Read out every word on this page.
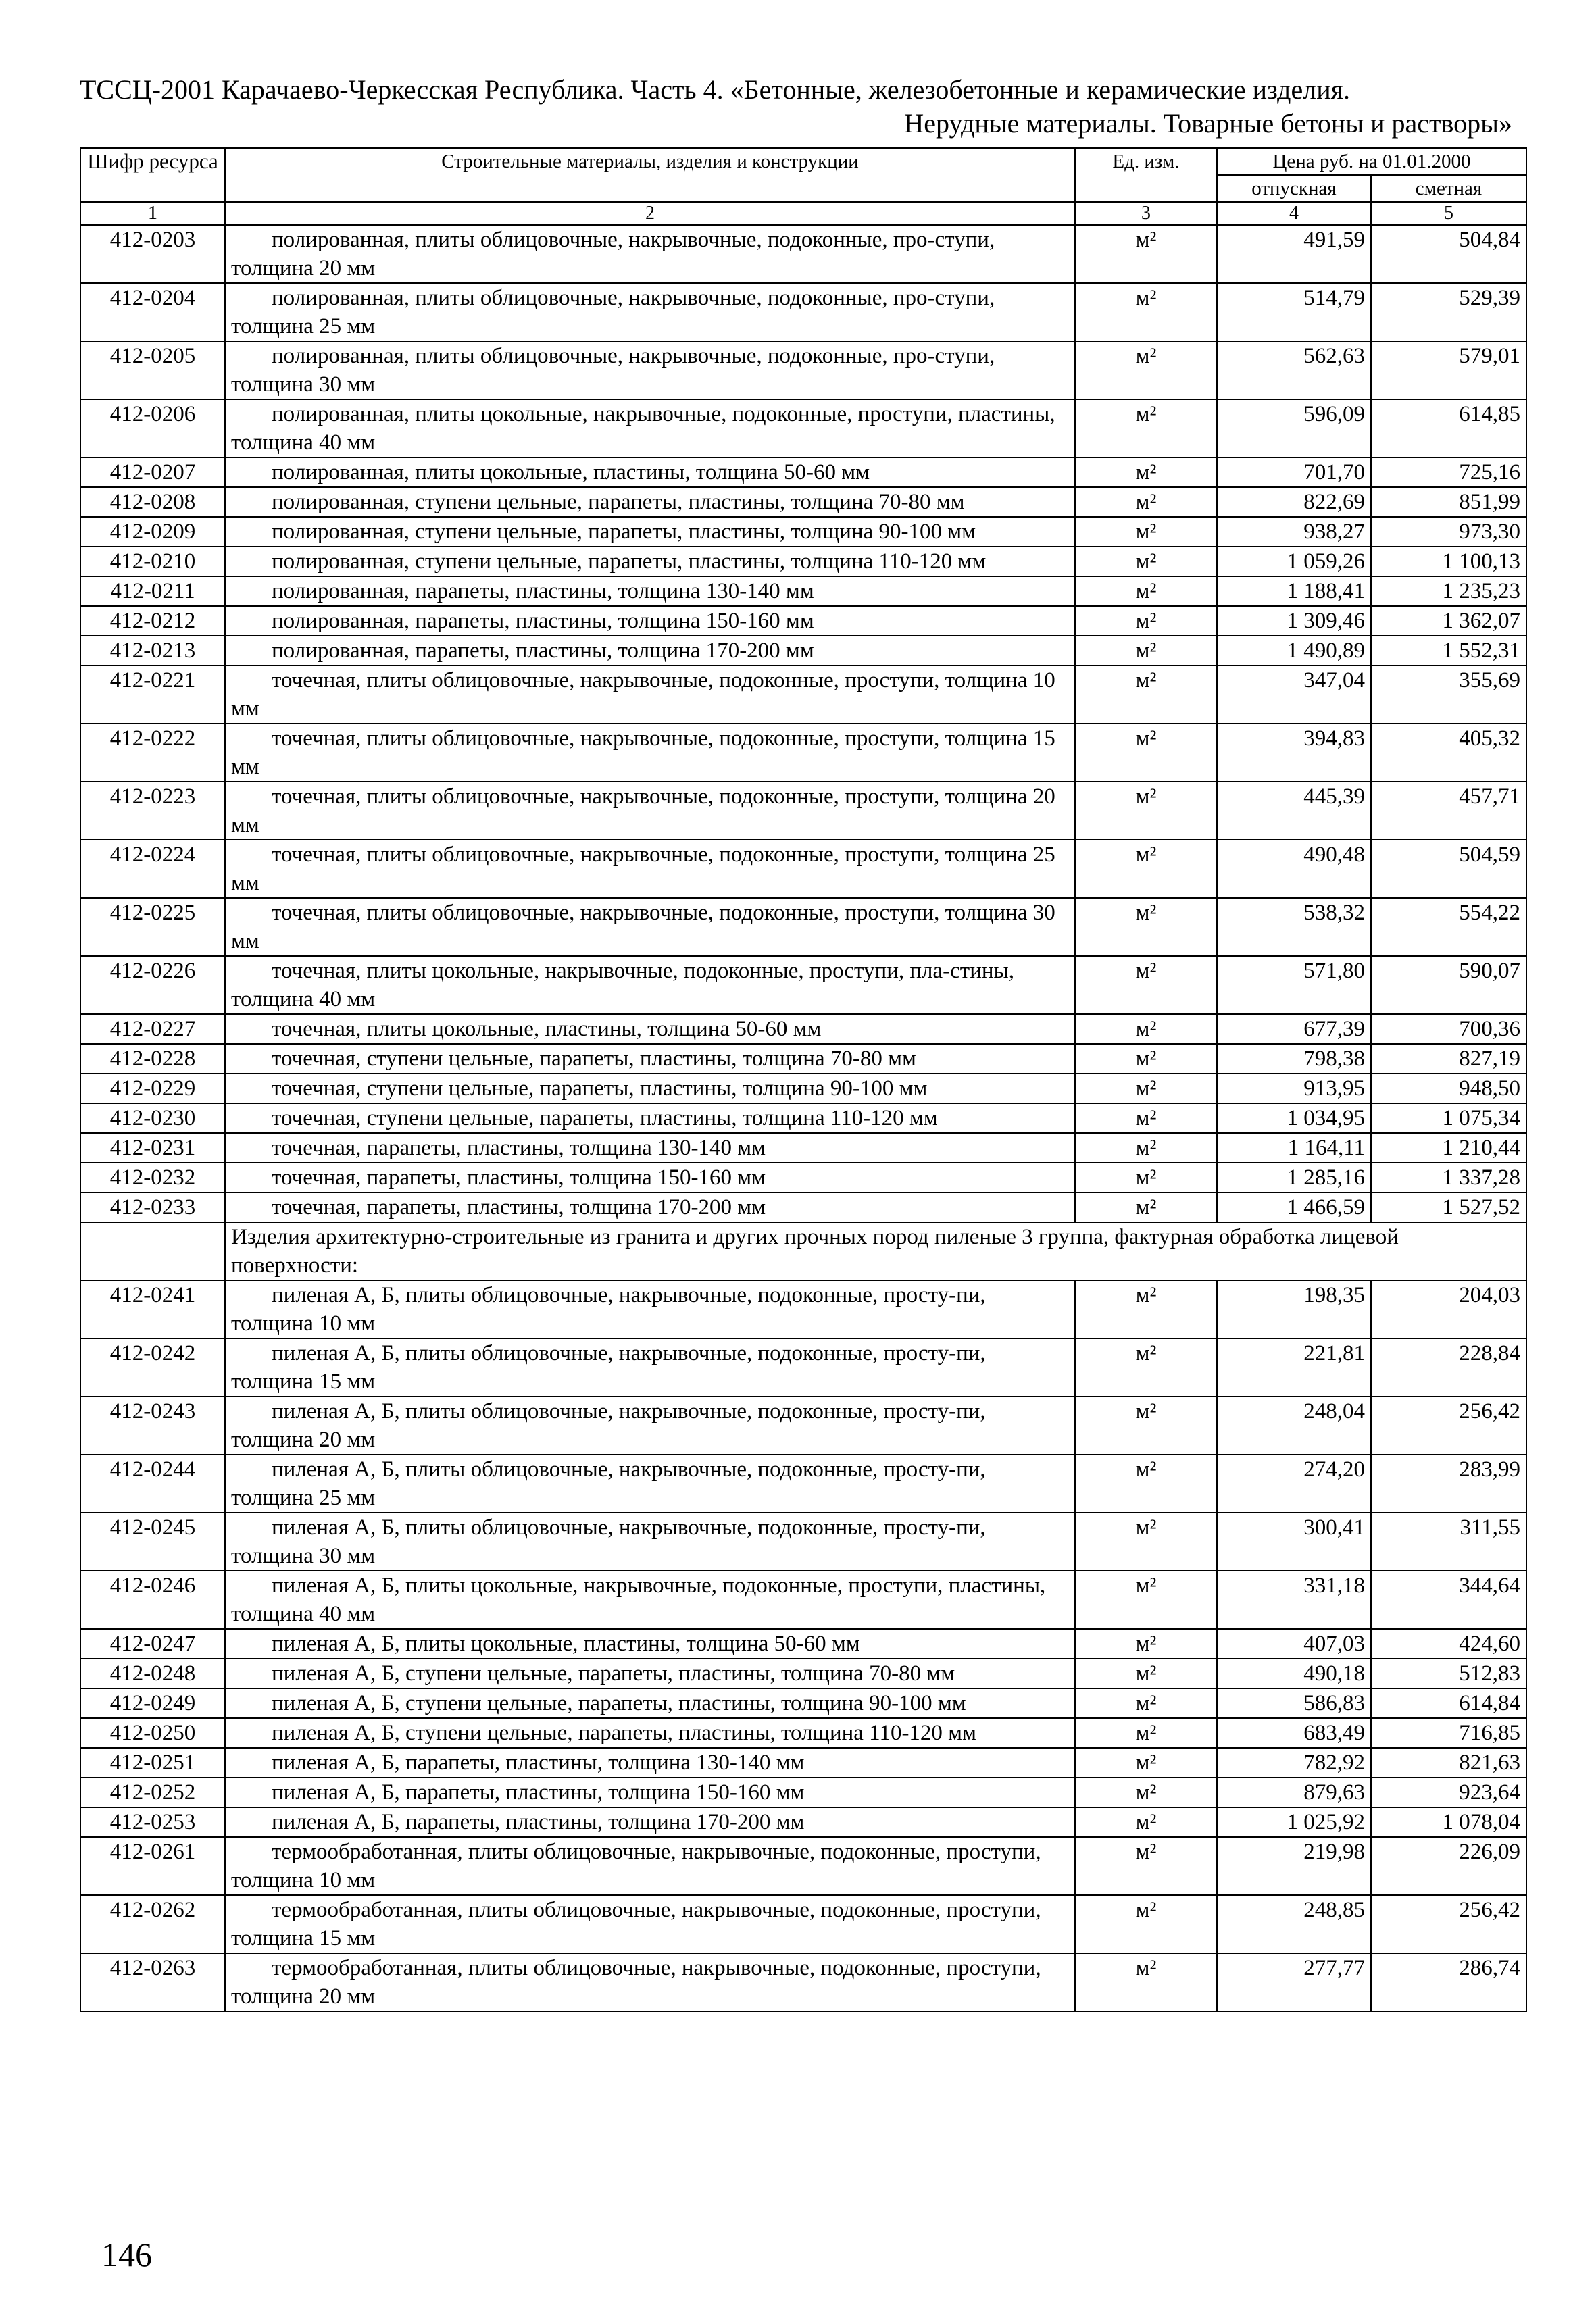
ТССЦ-2001 Карачаево-Черкесская Республика. Часть 4. «Бетонные, железобетонные и керамические изделия.
Нерудные материалы. Товарные бетоны и растворы»
Шифр ресурса	Строительные материалы, изделия и конструкции	Ед. изм.	Цена руб. на 01.01.2000	
			отпускная	сметная
1	2	3	4	5
412-0203	полированная, плиты облицовочные, накрывочные, подоконные, про-ступи, толщина 20 мм	м²	491,59	504,84
412-0204	полированная, плиты облицовочные, накрывочные, подоконные, про-ступи, толщина 25 мм	м²	514,79	529,39
412-0205	полированная, плиты облицовочные, накрывочные, подоконные, про-ступи, толщина 30 мм	м²	562,63	579,01
412-0206	полированная, плиты цокольные, накрывочные, подоконные, проступи, пластины, толщина 40 мм	м²	596,09	614,85
412-0207	полированная, плиты цокольные, пластины, толщина 50-60 мм	м²	701,70	725,16
412-0208	полированная, ступени цельные, парапеты, пластины, толщина 70-80 мм	м²	822,69	851,99
412-0209	полированная, ступени цельные, парапеты, пластины, толщина 90-100 мм	м²	938,27	973,30
412-0210	полированная, ступени цельные, парапеты, пластины, толщина 110-120 мм	м²	1 059,26	1 100,13
412-0211	полированная, парапеты, пластины, толщина 130-140 мм	м²	1 188,41	1 235,23
412-0212	полированная, парапеты, пластины, толщина 150-160 мм	м²	1 309,46	1 362,07
412-0213	полированная, парапеты, пластины, толщина 170-200 мм	м²	1 490,89	1 552,31
412-0221	точечная, плиты облицовочные, накрывочные, подоконные, проступи, толщина 10 мм	м²	347,04	355,69
412-0222	точечная, плиты облицовочные, накрывочные, подоконные, проступи, толщина 15 мм	м²	394,83	405,32
412-0223	точечная, плиты облицовочные, накрывочные, подоконные, проступи, толщина 20 мм	м²	445,39	457,71
412-0224	точечная, плиты облицовочные, накрывочные, подоконные, проступи, толщина 25 мм	м²	490,48	504,59
412-0225	точечная, плиты облицовочные, накрывочные, подоконные, проступи, толщина 30 мм	м²	538,32	554,22
412-0226	точечная, плиты цокольные, накрывочные, подоконные, проступи, пла-стины, толщина 40 мм	м²	571,80	590,07
412-0227	точечная, плиты цокольные, пластины, толщина 50-60 мм	м²	677,39	700,36
412-0228	точечная, ступени цельные, парапеты, пластины, толщина 70-80 мм	м²	798,38	827,19
412-0229	точечная, ступени цельные, парапеты, пластины, толщина 90-100 мм	м²	913,95	948,50
412-0230	точечная, ступени цельные, парапеты, пластины, толщина 110-120 мм	м²	1 034,95	1 075,34
412-0231	точечная, парапеты, пластины, толщина 130-140 мм	м²	1 164,11	1 210,44
412-0232	точечная, парапеты, пластины, толщина 150-160 мм	м²	1 285,16	1 337,28
412-0233	точечная, парапеты, пластины, толщина 170-200 мм	м²	1 466,59	1 527,52

	Изделия архитектурно-строительные из гранита и других прочных пород пиленые 3 группа, фактурная обработка лицевой поверхности:			

412-0241	пиленая А, Б, плиты облицовочные, накрывочные, подоконные, просту-пи, толщина 10 мм	м²	198,35	204,03
412-0242	пиленая А, Б, плиты облицовочные, накрывочные, подоконные, просту-пи, толщина 15 мм	м²	221,81	228,84
412-0243	пиленая А, Б, плиты облицовочные, накрывочные, подоконные, просту-пи, толщина 20 мм	м²	248,04	256,42
412-0244	пиленая А, Б, плиты облицовочные, накрывочные, подоконные, просту-пи, толщина 25 мм	м²	274,20	283,99
412-0245	пиленая А, Б, плиты облицовочные, накрывочные, подоконные, просту-пи, толщина 30 мм	м²	300,41	311,55
412-0246	пиленая А, Б, плиты цокольные, накрывочные, подоконные, проступи, пластины, толщина 40 мм	м²	331,18	344,64
412-0247	пиленая А, Б, плиты цокольные, пластины, толщина 50-60 мм	м²	407,03	424,60
412-0248	пиленая А, Б, ступени цельные, парапеты, пластины, толщина 70-80 мм	м²	490,18	512,83
412-0249	пиленая А, Б, ступени цельные, парапеты, пластины, толщина 90-100 мм	м²	586,83	614,84
412-0250	пиленая А, Б, ступени цельные, парапеты, пластины, толщина 110-120 мм	м²	683,49	716,85
412-0251	пиленая А, Б, парапеты, пластины, толщина 130-140 мм	м²	782,92	821,63
412-0252	пиленая А, Б, парапеты, пластины, толщина 150-160 мм	м²	879,63	923,64
412-0253	пиленая А, Б, парапеты, пластины, толщина 170-200 мм	м²	1 025,92	1 078,04
412-0261	термообработанная, плиты облицовочные, накрывочные, подоконные, проступи, толщина 10 мм	м²	219,98	226,09
412-0262	термообработанная, плиты облицовочные, накрывочные, подоконные, проступи, толщина 15 мм	м²	248,85	256,42
412-0263	термообработанная, плиты облицовочные, накрывочные, подоконные, проступи, толщина 20 мм	м²	277,77	286,74
146
